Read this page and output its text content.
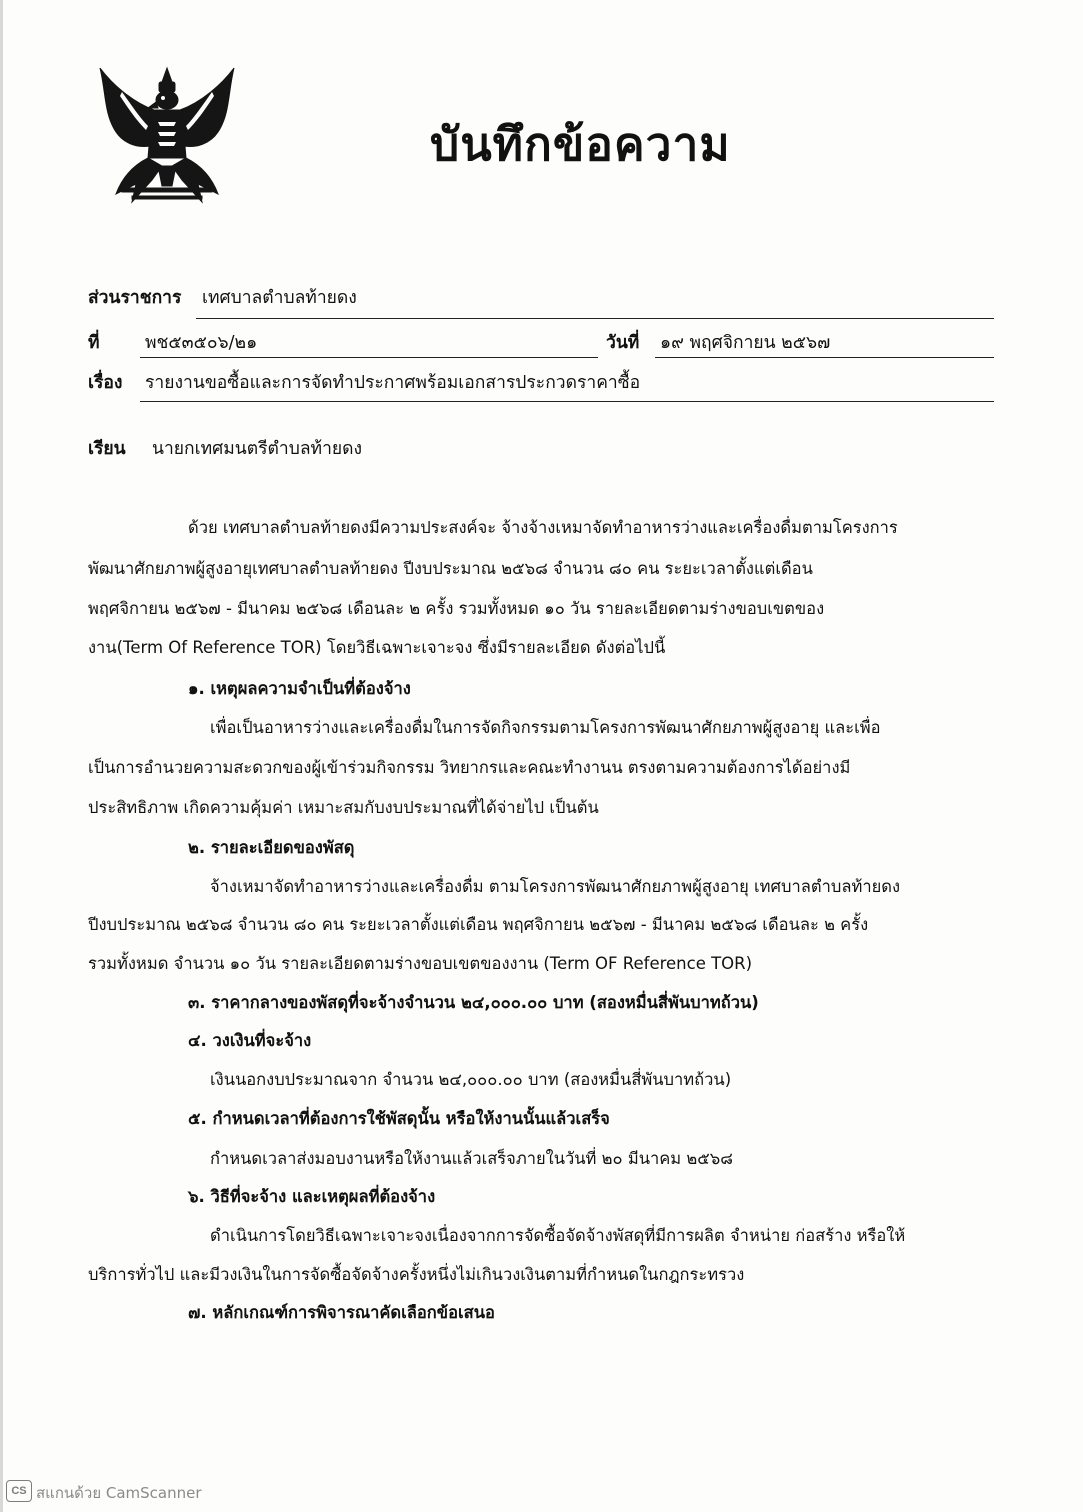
บันทึกข้อความ
ส่วนราชการ เทศบาลตำบลท้ายดง
ที่	พช๕๓๕๐๖/๒๑	วันที่ ๑๙ พฤศจิกายน ๒๕๖๗
เรื่อง รายงานขอซื้อและการจัดทำประกาศพร้อมเอกสารประกวดราคาซื้อ
เรียน นายกเทศมนตรีตำบลท้ายดง
ด้วย เทศบาลตำบลท้ายดงมีความประสงค์จะ จ้างจ้างเหมาจัดทำอาหารว่างและเครื่องดื่มตามโครงการ
พัฒนาศักยภาพผู้สูงอายุเทศบาลตำบลท้ายดง ปีงบประมาณ ๒๕๖๘ จำนวน ๘๐ คน ระยะเวลาตั้งแต่เดือน
พฤศจิกายน ๒๕๖๗ - มีนาคม ๒๕๖๘ เดือนละ ๒ ครั้ง รวมทั้งหมด ๑๐ วัน รายละเอียดตามร่างขอบเขตของ
งาน(Term Of Reference TOR) โดยวิธีเฉพาะเจาะจง ซึ่งมีรายละเอียด ดังต่อไปนี้
๑. เหตุผลความจำเป็นที่ต้องจ้าง
เพื่อเป็นอาหารว่างและเครื่องดื่มในการจัดกิจกรรมตามโครงการพัฒนาศักยภาพผู้สูงอายุ และเพื่อ
เป็นการอำนวยความสะดวกของผู้เข้าร่วมกิจกรรม วิทยากรและคณะทำงานน ตรงตามความต้องการได้อย่างมี
ประสิทธิภาพ เกิดความคุ้มค่า เหมาะสมกับงบประมาณที่ได้จ่ายไป เป็นต้น
๒. รายละเอียดของพัสดุ
จ้างเหมาจัดทำอาหารว่างและเครื่องดื่ม ตามโครงการพัฒนาศักยภาพผู้สูงอายุ เทศบาลตำบลท้ายดง
ปีงบประมาณ ๒๕๖๘ จำนวน ๘๐ คน ระยะเวลาตั้งแต่เดือน พฤศจิกายน ๒๕๖๗ - มีนาคม ๒๕๖๘ เดือนละ ๒ ครั้ง
รวมทั้งหมด จำนวน ๑๐ วัน รายละเอียดตามร่างขอบเขตของงาน (Term OF Reference TOR)
๓. ราคากลางของพัสดุที่จะจ้างจำนวน ๒๔,๐๐๐.๐๐ บาท (สองหมื่นสี่พันบาทถ้วน)
๔. วงเงินที่จะจ้าง
เงินนอกงบประมาณจาก จำนวน ๒๔,๐๐๐.๐๐ บาท (สองหมื่นสี่พันบาทถ้วน)
๕. กำหนดเวลาที่ต้องการใช้พัสดุนั้น หรือให้งานนั้นแล้วเสร็จ
กำหนดเวลาส่งมอบงานหรือให้งานแล้วเสร็จภายในวันที่ ๒๐ มีนาคม ๒๕๖๘
๖. วิธีที่จะจ้าง และเหตุผลที่ต้องจ้าง
ดำเนินการโดยวิธีเฉพาะเจาะจงเนื่องจากการจัดซื้อจัดจ้างพัสดุที่มีการผลิต จำหน่าย ก่อสร้าง หรือให้
บริการทั่วไป และมีวงเงินในการจัดซื้อจัดจ้างครั้งหนึ่งไม่เกินวงเงินตามที่กำหนดในกฎกระทรวง
๗. หลักเกณฑ์การพิจารณาคัดเลือกข้อเสนอ
CS สแกนด้วย CamScanner
